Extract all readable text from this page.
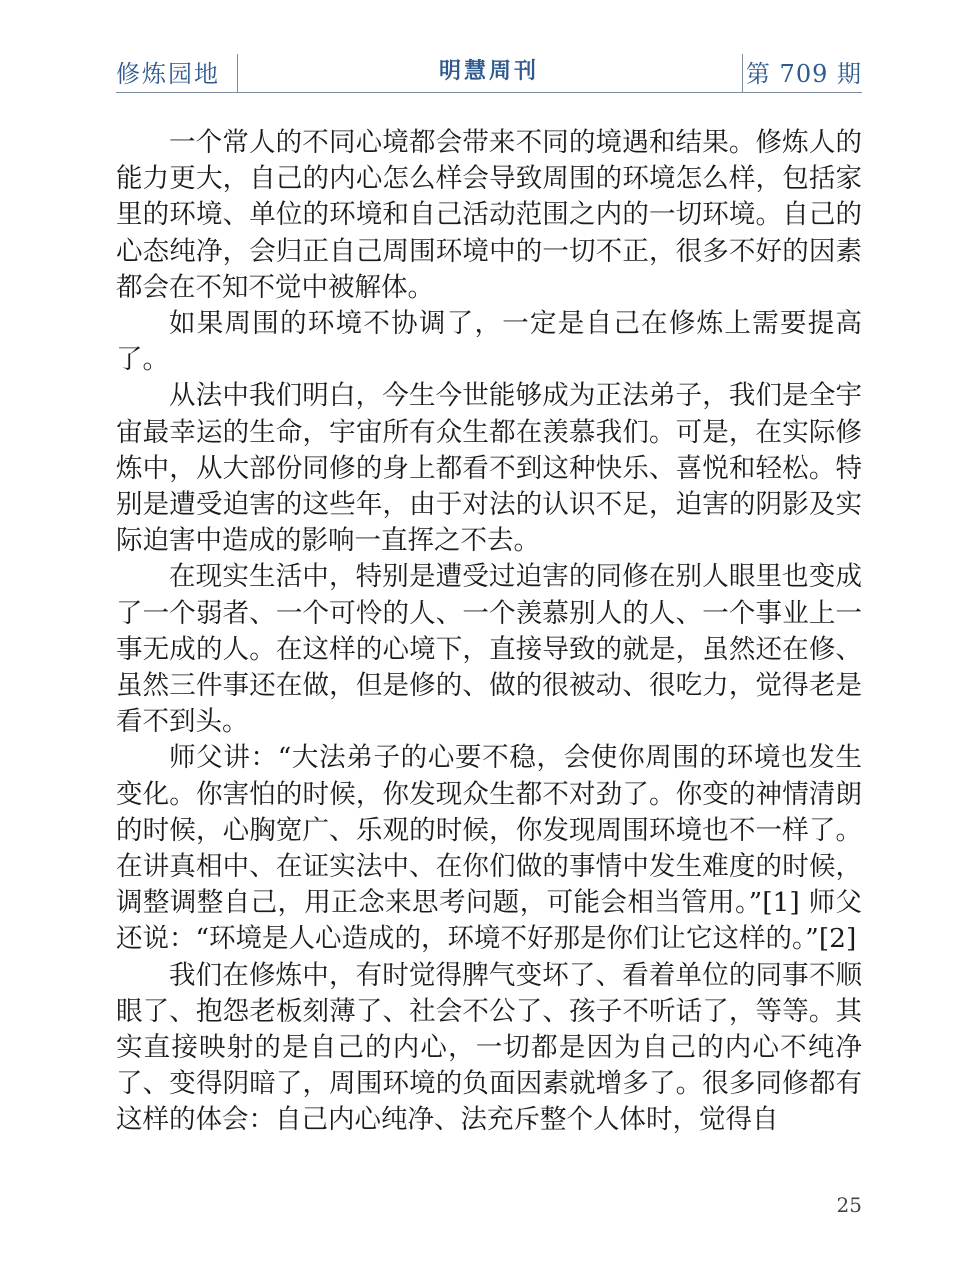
修炼园地	明慧周刊	第 709 期

一个常人的不同心境都会带来不同的境遇和结果。修炼人的能力更大，自己的内心怎么样会导致周围的环境怎么样，包括家里的环境、单位的环境和自己活动范围之内的一切环境。自己的心态纯净，会归正自己周围环境中的一切不正，很多不好的因素都会在不知不觉中被解体。

如果周围的环境不协调了，一定是自己在修炼上需要提高了。

从法中我们明白，今生今世能够成为正法弟子，我们是全宇宙最幸运的生命，宇宙所有众生都在羡慕我们。可是，在实际修炼中，从大部份同修的身上都看不到这种快乐、喜悦和轻松。特别是遭受迫害的这些年，由于对法的认识不足，迫害的阴影及实际迫害中造成的影响一直挥之不去。

在现实生活中，特别是遭受过迫害的同修在别人眼里也变成了一个弱者、一个可怜的人、一个羡慕别人的人、一个事业上一事无成的人。在这样的心境下，直接导致的就是，虽然还在修、虽然三件事还在做，但是修的、做的很被动、很吃力，觉得老是看不到头。

师父讲：“大法弟子的心要不稳，会使你周围的环境也发生变化。你害怕的时候，你发现众生都不对劲了。你变的神情清朗的时候，心胸宽广、乐观的时候，你发现周围环境也不一样了。在讲真相中、在证实法中、在你们做的事情中发生难度的时候，调整调整自己，用正念来思考问题，可能会相当管用。”[1] 师父还说：“环境是人心造成的，环境不好那是你们让它这样的。”[2]

我们在修炼中，有时觉得脾气变坏了、看着单位的同事不顺眼了、抱怨老板刻薄了、社会不公了、孩子不听话了，等等。其实直接映射的是自己的内心，一切都是因为自己的内心不纯净了、变得阴暗了，周围环境的负面因素就增多了。很多同修都有这样的体会：自己内心纯净、法充斥整个人体时，觉得自

25
